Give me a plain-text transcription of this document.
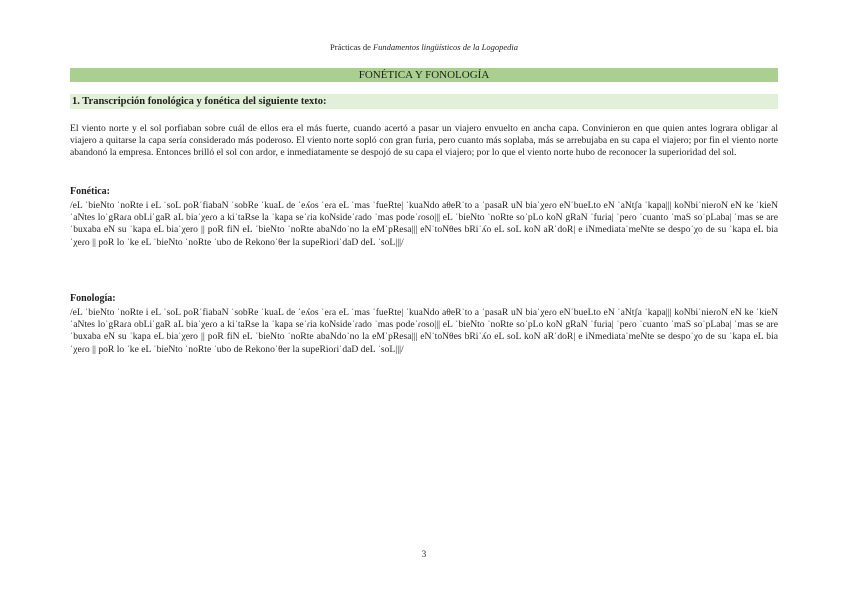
Prácticas de Fundamentos lingüísticos de la Logopedia
FONÉTICA Y FONOLOGÍA
1. Transcripción fonológica y fonética del siguiente texto:

El viento norte y el sol porfiaban sobre cuál de ellos era el más fuerte, cuando acertó a pasar un viajero envuelto en ancha capa. Convinieron en que quien antes lograra obligar al viajero a quitarse la capa sería considerado más poderoso. El viento norte sopló con gran furia, pero cuanto más soplaba, más se arrebujaba en su capa el viajero; por fin el viento norte abandonó la empresa. Entonces brilló el sol con ardor, e inmediatamente se despojó de su capa el viajero; por lo que el viento norte hubo de reconocer la superioridad del sol.

Fonética:

/eL ˈbieNto ˈnoRte i eL ˈsoL poRˈfiabaN ˈsobRe ˈkuaL de ˈeʎos ˈeɾa eL ˈmas ˈfueRte| ˈkuaNdo aθeRˈto a ˈpasaR uN biaˈχeɾo eNˈbueLto eN ˈaNtʃa ˈkapa||| koNbiˈnieɾoN eN ke ˈkieN ˈaNtes loˈgRaɾa obLiˈgaR aL biaˈχeɾo a kiˈtaRse la ˈkapa seˈɾia koNsideˈɾado ˈmas podeˈɾoso||| eL ˈbieNto ˈnoRte soˈpLo koN gRaN ˈfuɾia| ˈpeɾo ˈcuanto ˈmaS soˈpLaba| ˈmas se areˈbuxaba eN su ˈkapa eL biaˈχero || poR fiN eL ˈbieNto ˈnoRte abaNdoˈno la eMˈpResa||| eNˈtoNθes bRiˈʎo eL soL koN aRˈdoR| e iNmediataˈmeNte se despoˈχo de su ˈkapa eL biaˈχeɾo || poR lo ˈke eL ˈbieNto ˈnoRte ˈubo de Rekonoˈθer la supeRioɾiˈdaD deL ˈsoL|||/

Fonología:

/eL ˈbieNto ˈnoRte i eL ˈsoL poRˈfiabaN ˈsobRe ˈkuaL de ˈeʎos ˈeɾa eL ˈmas ˈfueRte| ˈkuaNdo aθeRˈto a ˈpasaR uN biaˈχeɾo eNˈbueLto eN ˈaNtʃa ˈkapa||| koNbiˈnieɾoN eN ke ˈkieN ˈaNtes loˈgRaɾa obLiˈgaR aL biaˈχeɾo a kiˈtaRse la ˈkapa seˈɾia koNsideˈɾado ˈmas podeˈɾoso||| eL ˈbieNto ˈnoRte soˈpLo koN gRaN ˈfuɾia| ˈpeɾo ˈcuanto ˈmaS soˈpLaba| ˈmas se areˈbuxaba eN su ˈkapa eL biaˈχero || poR fiN eL ˈbieNto ˈnoRte abaNdoˈno la eMˈpResa||| eNˈtoNθes bRiˈʎo eL soL koN aRˈdoR| e iNmediataˈmeNte se despoˈχo de su ˈkapa eL biaˈχeɾo || poR lo ˈke eL ˈbieNto ˈnoRte ˈubo de Rekonoˈθer la supeRioɾiˈdaD deL ˈsoL|||/

3
